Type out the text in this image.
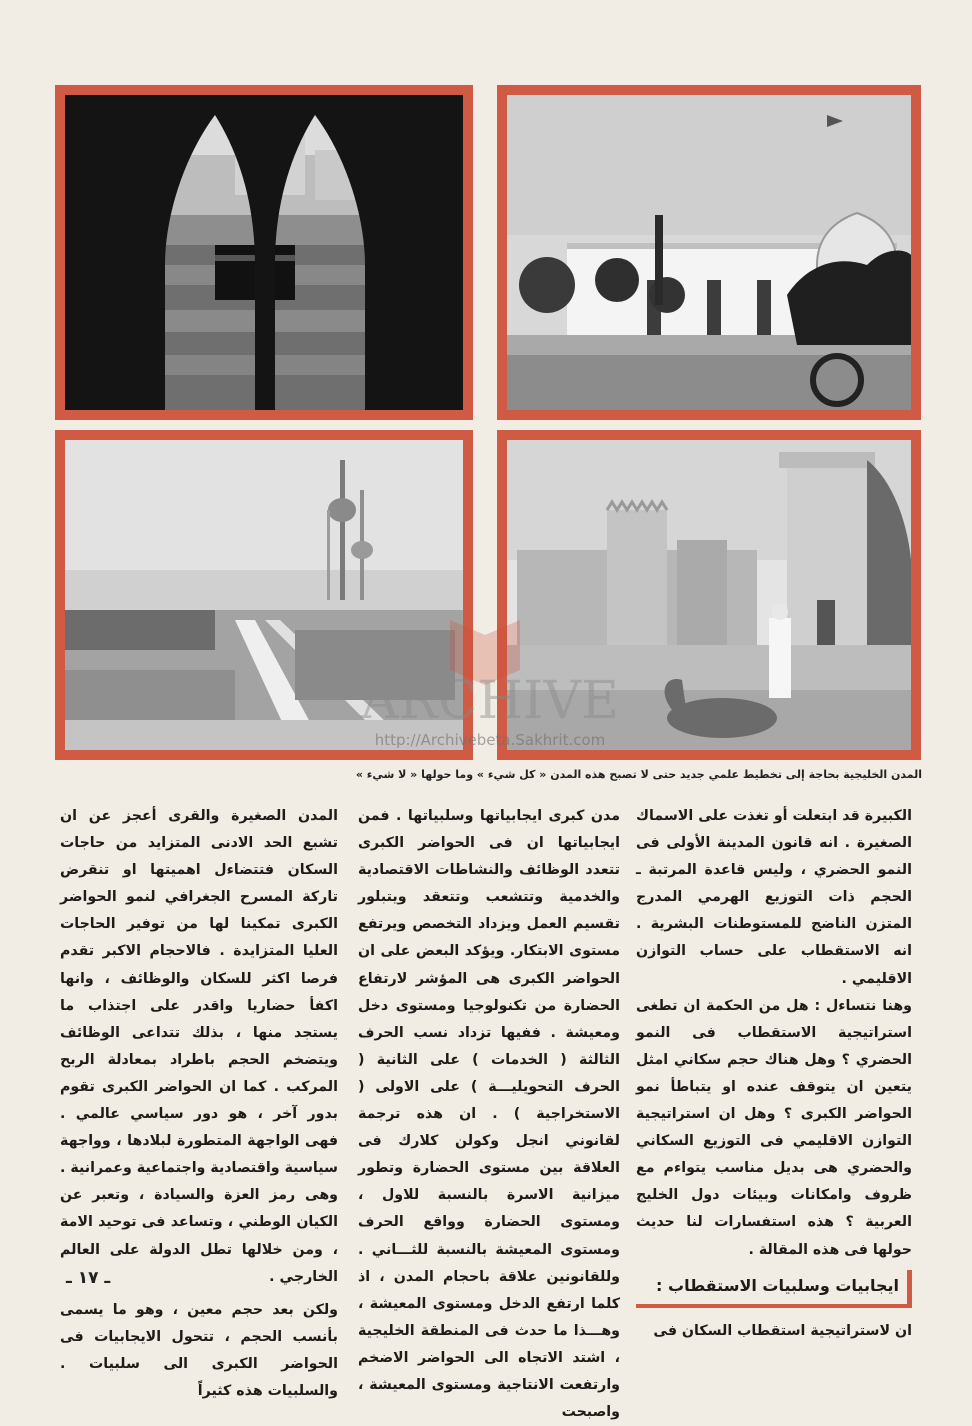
ARCHIVE
http://Archivebeta.Sakhrit.com
المدن الخليجية بحاجة إلى تخطيط علمي جديد حتى لا تصبح هذه المدن « كل شيء » وما حولها « لا شيء »

الكبيرة قد ابتعلت أو تغذت على الاسماك الصغيرة . انه قانون المدينة الأولى فى النمو الحضري ، وليس قاعدة المرتبة ـ الحجم ذات التوزيع الهرمي المدرج المتزن الناضج للمستوطنات البشرية . انه الاستقطاب على حساب التوازن الاقليمي .

وهنا نتساءل : هل من الحكمة ان تطغى استراتيجية الاستقطاب فى النمو الحضري ؟ وهل هناك حجم سكاني امثل يتعين ان يتوقف عنده او يتباطأ نمو الحواضر الكبرى ؟ وهل ان استراتيجية التوازن الاقليمي فى التوزيع السكاني والحضري هى بديل مناسب يتواءم مع ظروف وامكانات وبيئات دول الخليج العربية ؟ هذه استفسارات لنا حديث حولها فى هذه المقالة .

ايجابيات وسلبيات الاستقطاب :

ان لاستراتيجية استقطاب السكان فى

مدن كبرى ايجابياتها وسلبياتها . فمن ايجابياتها ان فى الحواضر الكبرى تتعدد الوظائف والنشاطات الاقتصادية والخدمية وتتشعب وتتعقد ويتبلور تقسيم العمل ويزداد التخصص ويرتفع مستوى الابتكار. ويؤكد البعض على ان الحواضر الكبرى هى المؤشر لارتفاع الحضارة من تكنولوجيا ومستوى دخل ومعيشة . ففيها تزداد نسب الحرف الثالثة ( الخدمات ) على الثانية ( الحرف التحويليـــة ) على الاولى ( الاستخراجية ) . ان هذه ترجمة لقانوني انجل وكولن كلارك فى العلاقة بين مستوى الحضارة وتطور ميزانية الاسرة بالنسبة للاول ، ومستوى الحضارة وواقع الحرف ومستوى المعيشة بالنسبة للثـــاني . وللقانونين علاقة باحجام المدن ، اذ كلما ارتفع الدخل ومستوى المعيشة ، وهـــذا ما حدث فى المنطقة الخليجية ، اشتد الاتجاه الى الحواضر الاضخم وارتفعت الانتاجية ومستوى المعيشة ، واصبحت

المدن الصغيرة والقرى أعجز عن ان تشبع الحد الادنى المتزايد من حاجات السكان فتتضاءل اهميتها او تنقرض تاركة المسرح الجغرافي لنمو الحواضر الكبرى تمكينا لها من توفير الحاجات العليا المتزايدة . فالاحجام الاكبر تقدم فرصا اكثر للسكان والوظائف ، وانها اكفأ حضاريا واقدر على اجتذاب ما يستجد منها ، بذلك تتداعى الوظائف ويتضخم الحجم باطراد بمعادلة الربح المركب . كما ان الحواضر الكبرى تقوم بدور آخر ، هو دور سياسي عالمي . فهى الواجهة المتطورة لبلادها ، وواجهة سياسية واقتصادية واجتماعية وعمرانية . وهى رمز العزة والسيادة ، وتعبر عن الكيان الوطني ، وتساعد فى توحيد الامة ، ومن خلالها تطل الدولة على العالم الخارجي .

ولكن بعد حجم معين ، وهو ما يسمى بأنسب الحجم ، تتحول الايجابيات فى الحواضر الكبرى الى سلبيات . والسلبيات هذه كثيراً

ـ ١٧ ـ
